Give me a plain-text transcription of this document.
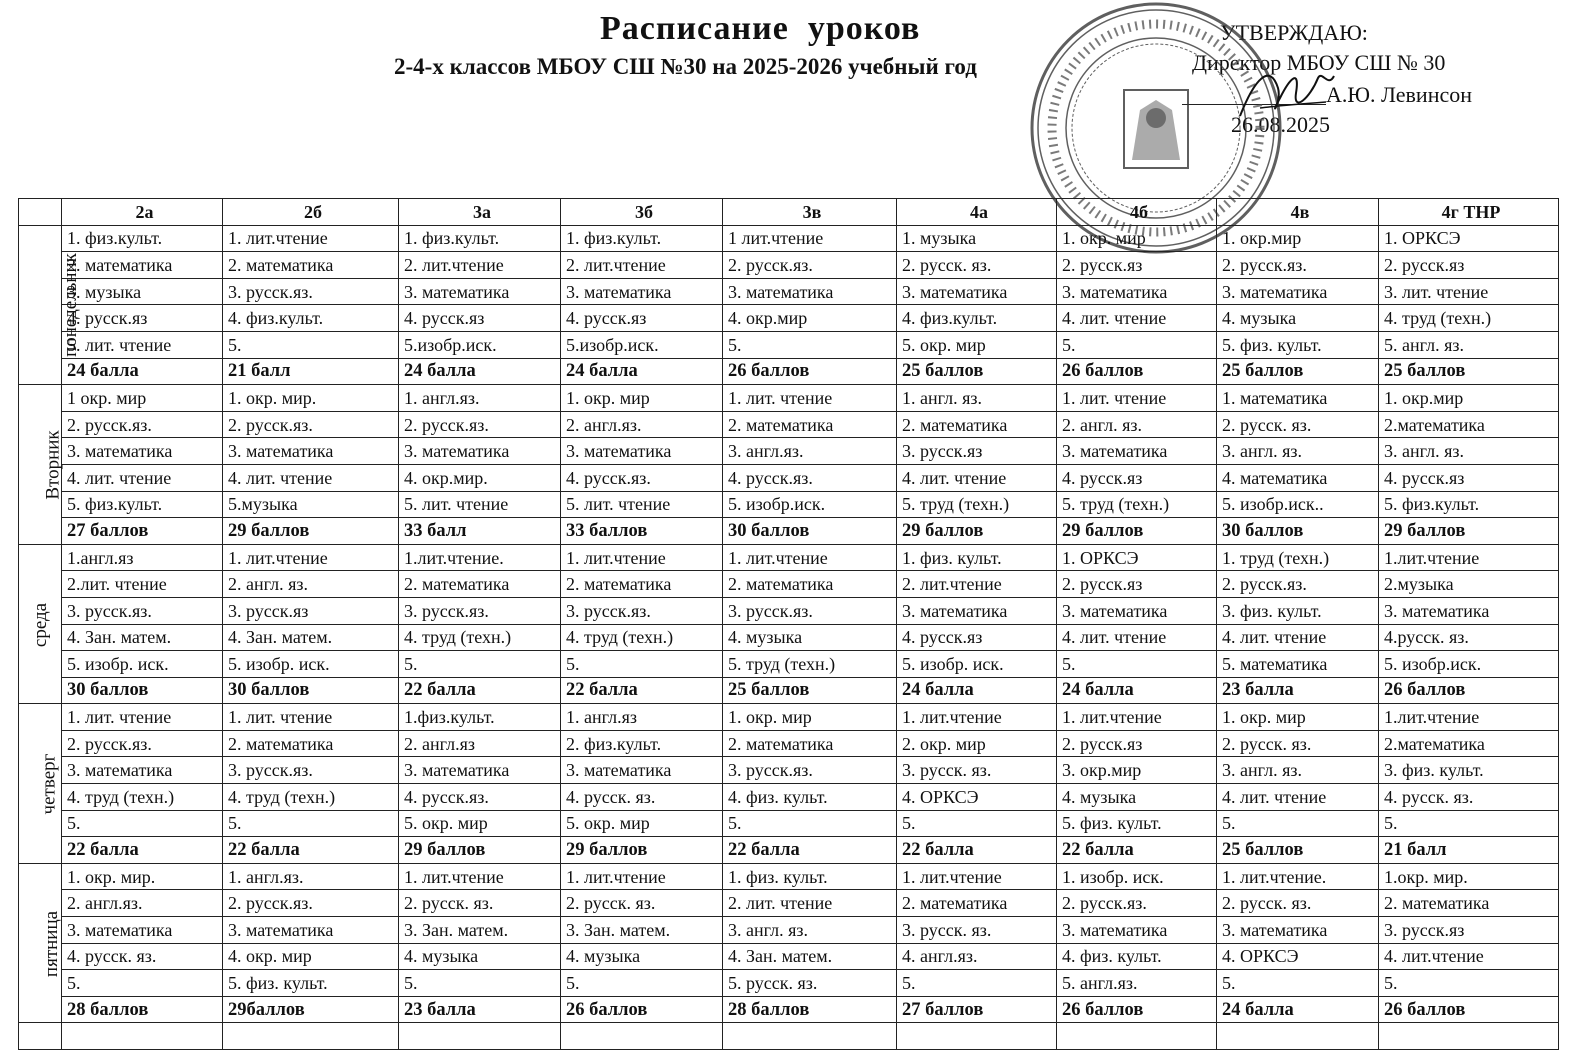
Расписание  уроков
2-4-х классов МБОУ СШ №30 на 2025-2026 учебный год
УТВЕРЖДАЮ:
Директор МБОУ СШ № 30
А.Ю. Левинсон
26.08.2025
	2а	2б	3а	3б	3в	4а	4б	4в	4г ТНР
понедельник	1. физ.культ.	1. лит.чтение	1. физ.культ.	1. физ.культ.	1 лит.чтение	1. музыка	1. окр. мир	1. окр.мир	1. ОРКСЭ
	2. математика	2. математика	2. лит.чтение	2. лит.чтение	2. русск.яз.	2. русск. яз.	2. русск.яз	2. русск.яз.	2. русск.яз
	3. музыка	3. русск.яз.	3. математика	3. математика	3. математика	3. математика	3. математика	3. математика	3. лит. чтение
	4. русск.яз	4. физ.культ.	4. русск.яз	4. русск.яз	4. окр.мир	4. физ.культ.	4. лит. чтение	4. музыка	4. труд (техн.)
	5. лит. чтение	5.	5.изобр.иск.	5.изобр.иск.	5.	5. окр. мир	5.	5. физ. культ.	5. англ. яз.
	24 балла	21 балл	24 балла	24 балла	26 баллов	25 баллов	26 баллов	25 баллов	25 баллов
Вторник	1 окр. мир	1. окр. мир.	1. англ.яз.	1. окр. мир	1. лит. чтение	1. англ. яз.	1. лит. чтение	1. математика	1. окр.мир
	2. русск.яз.	2. русск.яз.	2. русск.яз.	2. англ.яз.	2. математика	2. математика	2. англ. яз.	2. русск. яз.	2.математика
	3. математика	3. математика	3. математика	3. математика	3. англ.яз.	3. русск.яз	3. математика	3. англ. яз.	3. англ. яз.
	4. лит. чтение	4. лит. чтение	4. окр.мир.	4. русск.яз.	4. русск.яз.	4. лит. чтение	4. русск.яз	4. математика	4. русск.яз
	5. физ.культ.	5.музыка	5. лит. чтение	5. лит. чтение	5. изобр.иск.	5. труд (техн.)	5. труд (техн.)	5. изобр.иск..	5. физ.культ.
	27 баллов	29 баллов	33 балл	33 баллов	30 баллов	29 баллов	29 баллов	30 баллов	29 баллов
среда	1.англ.яз	1. лит.чтение	1.лит.чтение.	1. лит.чтение	1. лит.чтение	1. физ. культ.	1. ОРКСЭ	1. труд (техн.)	1.лит.чтение
	2.лит. чтение	2. англ. яз.	2. математика	2. математика	2. математика	2. лит.чтение	2. русск.яз	2. русск.яз.	2.музыка
	3. русск.яз.	3. русск.яз	3. русск.яз.	3. русск.яз.	3. русск.яз.	3. математика	3. математика	3. физ. культ.	3. математика
	4. Зан. матем.	4. Зан. матем.	4. труд (техн.)	4. труд (техн.)	4. музыка	4. русск.яз	4. лит. чтение	4. лит. чтение	4.русск. яз.
	5. изобр. иск.	5. изобр. иск.	5.	5.	5. труд (техн.)	5. изобр. иск.	5.	5. математика	5. изобр.иск.
	30 баллов	30 баллов	22 балла	22 балла	25 баллов	24 балла	24 балла	23 балла	26 баллов
четверг	1. лит. чтение	1. лит. чтение	1.физ.культ.	1. англ.яз	1. окр. мир	1. лит.чтение	1. лит.чтение	1. окр. мир	1.лит.чтение
	2. русск.яз.	2. математика	2. англ.яз	2. физ.культ.	2. математика	2. окр. мир	2. русск.яз	2. русск. яз.	2.математика
	3. математика	3. русск.яз.	3. математика	3. математика	3. русск.яз.	3. русск. яз.	3. окр.мир	3. англ. яз.	3. физ. культ.
	4. труд (техн.)	4. труд (техн.)	4. русск.яз.	4. русск. яз.	4. физ. культ.	4. ОРКСЭ	4. музыка	4. лит. чтение	4. русск. яз.
	5.	5.	5. окр. мир	5. окр. мир	5.	5.	5. физ. культ.	5.	5.
	22 балла	22 балла	29 баллов	29 баллов	22 балла	22 балла	22 балла	25 баллов	21 балл
пятница	1. окр. мир.	1. англ.яз.	1. лит.чтение	1. лит.чтение	1. физ. культ.	1. лит.чтение	1. изобр. иск.	1. лит.чтение.	1.окр. мир.
	2. англ.яз.	2. русск.яз.	2. русск. яз.	2. русск. яз.	2. лит. чтение	2. математика	2. русск.яз.	2. русск. яз.	2. математика
	3. математика	3. математика	3. Зан. матем.	3. Зан. матем.	3. англ. яз.	3. русск. яз.	3. математика	3. математика	3. русск.яз
	4. русск. яз.	4. окр. мир	4. музыка	4. музыка	4. Зан. матем.	4. англ.яз.	4. физ. культ.	4. ОРКСЭ	4. лит.чтение
	5.	5. физ. культ.	5.	5.	5. русск. яз.	5.	5. англ.яз.	5.	5.
	28 баллов	29баллов	23 балла	26 баллов	28 баллов	27 баллов	26 баллов	24 балла	26 баллов
